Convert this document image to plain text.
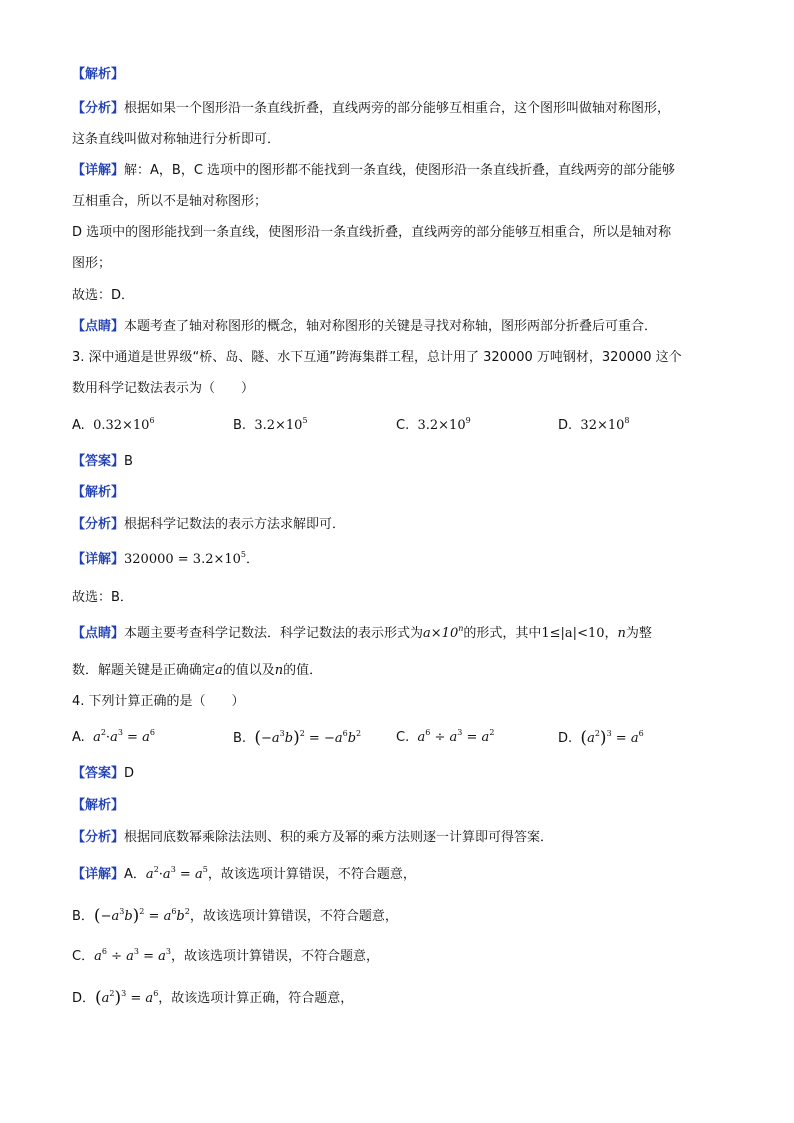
【解析】
【分析】根据如果一个图形沿一条直线折叠，直线两旁的部分能够互相重合，这个图形叫做轴对称图形，
这条直线叫做对称轴进行分析即可．
【详解】解：A，B，C 选项中的图形都不能找到一条直线，使图形沿一条直线折叠，直线两旁的部分能够
互相重合，所以不是轴对称图形；
D 选项中的图形能找到一条直线，使图形沿一条直线折叠，直线两旁的部分能够互相重合，所以是轴对称
图形；
故选：D．
【点睛】本题考查了轴对称图形的概念，轴对称图形的关键是寻找对称轴，图形两部分折叠后可重合．
3. 深中通道是世界级“桥、岛、隧、水下互通”跨海集群工程，总计用了 320000 万吨钢材，320000 这个
数用科学记数法表示为（　　）
A. $0.32\times 10^6$	B. $3.2\times 10^5$	C. $3.2\times 10^9$	D. $32\times 10^8$
【答案】B
【解析】
【分析】根据科学记数法的表示方法求解即可．
【详解】$320000 = 3.2\times 10^5$．
故选：B．
【点睛】本题主要考查科学记数法．科学记数法的表示形式为$a\times 10^n$的形式，其中1≤|a|<10，n为整
数．解题关键是正确确定a的值以及n的值．
4. 下列计算正确的是（　　）
A. $a^2\cdot a^3 = a^6$	B. $(-a^3b)^2 = -a^6b^2$	C. $a^6 \div a^3 = a^2$	D. $(a^2)^3 = a^6$
【答案】D
【解析】
【分析】根据同底数幂乘除法法则、积的乘方及幂的乘方法则逐一计算即可得答案．
【详解】A．$a^2\cdot a^3 = a^5$，故该选项计算错误，不符合题意，
B．$(-a^3b)^2 = a^6b^2$，故该选项计算错误，不符合题意，
C．$a^6 \div a^3 = a^3$，故该选项计算错误，不符合题意，
D．$(a^2)^3 = a^6$，故该选项计算正确，符合题意，
